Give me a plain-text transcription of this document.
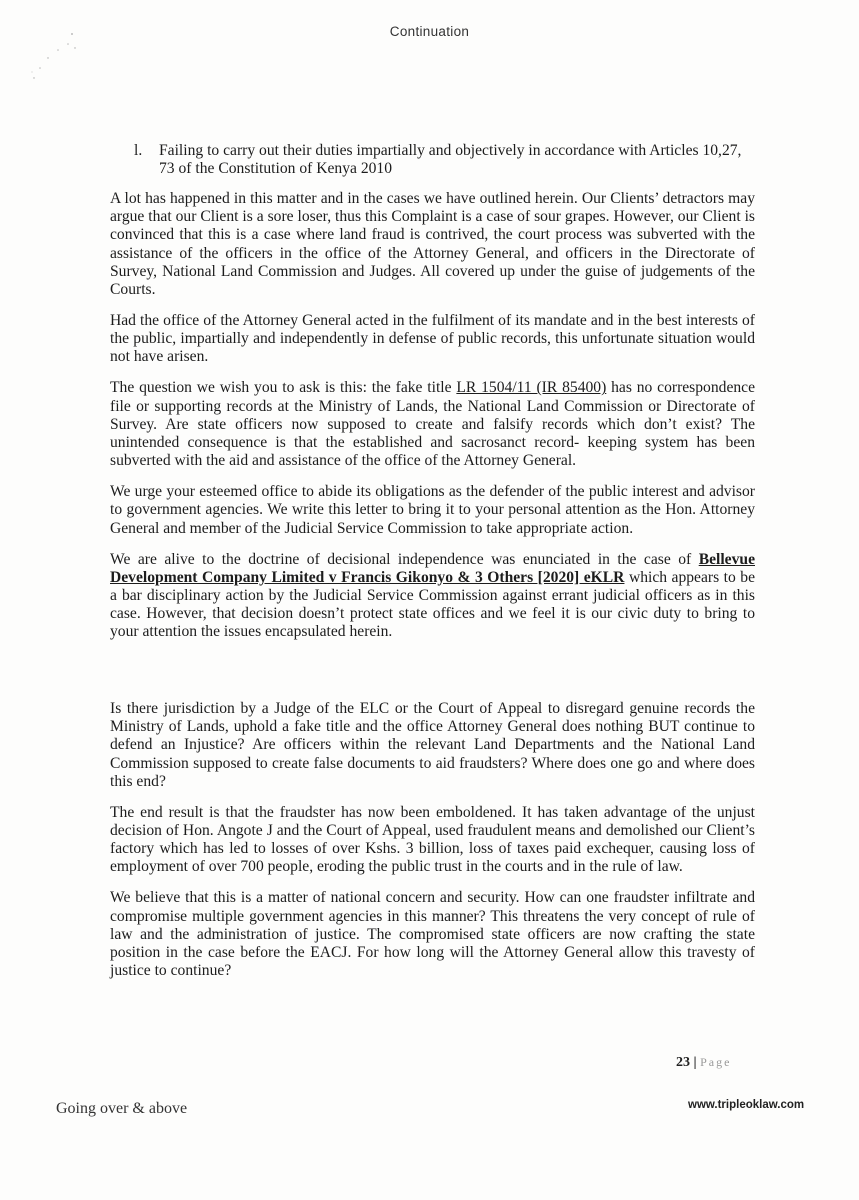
Continuation
l. Failing to carry out their duties impartially and objectively in accordance with Articles 10,27, 73 of the Constitution of Kenya 2010

A lot has happened in this matter and in the cases we have outlined herein. Our Clients’ detractors may argue that our Client is a sore loser, thus this Complaint is a case of sour grapes. However, our Client is convinced that this is a case where land fraud is contrived, the court process was subverted with the assistance of the officers in the office of the Attorney General, and officers in the Directorate of Survey, National Land Commission and Judges. All covered up under the guise of judgements of the Courts.

Had the office of the Attorney General acted in the fulfilment of its mandate and in the best interests of the public, impartially and independently in defense of public records, this unfortunate situation would not have arisen.

The question we wish you to ask is this: the fake title LR 1504/11 (IR 85400) has no correspondence file or supporting records at the Ministry of Lands, the National Land Commission or Directorate of Survey. Are state officers now supposed to create and falsify records which don’t exist? The unintended consequence is that the established and sacrosanct record- keeping system has been subverted with the aid and assistance of the office of the Attorney General.

We urge your esteemed office to abide its obligations as the defender of the public interest and advisor to government agencies. We write this letter to bring it to your personal attention as the Hon. Attorney General and member of the Judicial Service Commission to take appropriate action.

We are alive to the doctrine of decisional independence was enunciated in the case of Bellevue Development Company Limited v Francis Gikonyo & 3 Others [2020] eKLR which appears to be a bar disciplinary action by the Judicial Service Commission against errant judicial officers as in this case. However, that decision doesn’t protect state offices and we feel it is our civic duty to bring to your attention the issues encapsulated herein.

Is there jurisdiction by a Judge of the ELC or the Court of Appeal to disregard genuine records the Ministry of Lands, uphold a fake title and the office Attorney General does nothing BUT continue to defend an Injustice? Are officers within the relevant Land Departments and the National Land Commission supposed to create false documents to aid fraudsters? Where does one go and where does this end?

The end result is that the fraudster has now been emboldened. It has taken advantage of the unjust decision of Hon. Angote J and the Court of Appeal, used fraudulent means and demolished our Client’s factory which has led to losses of over Kshs. 3 billion, loss of taxes paid exchequer, causing loss of employment of over 700 people, eroding the public trust in the courts and in the rule of law.

We believe that this is a matter of national concern and security. How can one fraudster infiltrate and compromise multiple government agencies in this manner? This threatens the very concept of rule of law and the administration of justice. The compromised state officers are now crafting the state position in the case before the EACJ. For how long will the Attorney General allow this travesty of justice to continue?

23 | Page
Going over & above	www.tripleoklaw.com
